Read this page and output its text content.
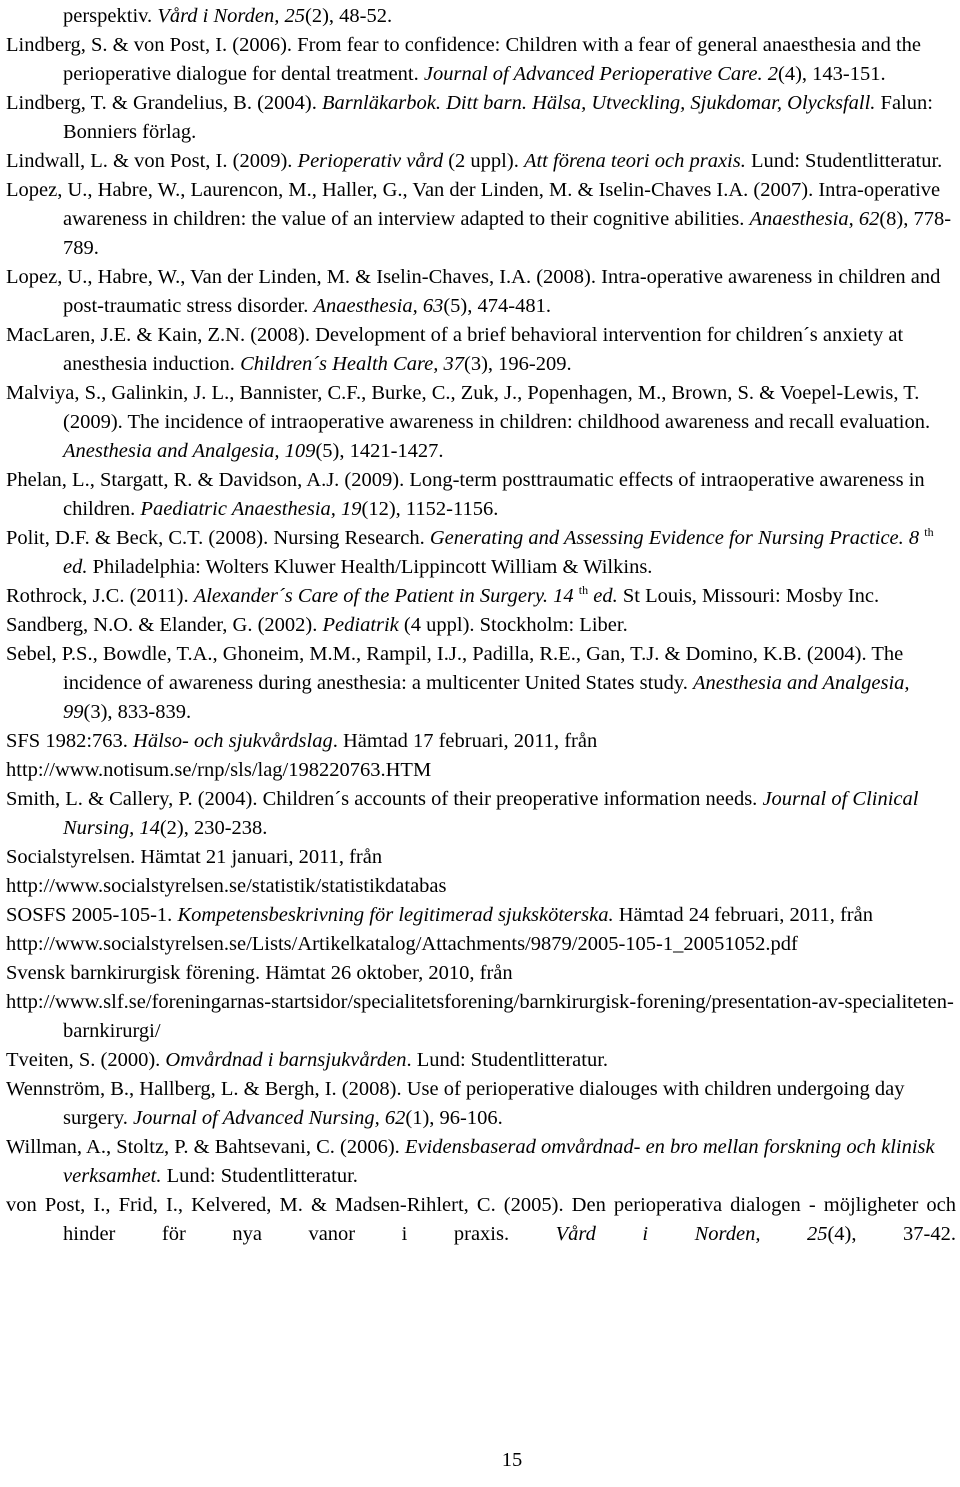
perspektiv. Vård i Norden, 25(2), 48-52.

Lindberg, S. & von Post, I. (2006). From fear to confidence: Children with a fear of general anaesthesia and the perioperative dialogue for dental treatment. Journal of Advanced Perioperative Care. 2(4), 143-151.

Lindberg, T. & Grandelius, B. (2004). Barnläkarbok. Ditt barn. Hälsa, Utveckling, Sjukdomar, Olycksfall. Falun: Bonniers förlag.

Lindwall, L. & von Post, I. (2009). Perioperativ vård (2 uppl). Att förena teori och praxis. Lund: Studentlitteratur.

Lopez, U., Habre, W., Laurencon, M., Haller, G., Van der Linden, M. & Iselin-Chaves I.A. (2007). Intra-operative awareness in children: the value of an interview adapted to their cognitive abilities. Anaesthesia, 62(8), 778-789.

Lopez, U., Habre, W., Van der Linden, M. & Iselin-Chaves, I.A. (2008). Intra-operative awareness in children and post-traumatic stress disorder. Anaesthesia, 63(5), 474-481.

MacLaren, J.E. & Kain, Z.N. (2008). Development of a brief behavioral intervention for children´s anxiety at anesthesia induction. Children´s Health Care, 37(3), 196-209.

Malviya, S., Galinkin, J. L., Bannister, C.F., Burke, C., Zuk, J., Popenhagen, M., Brown, S. & Voepel-Lewis, T. (2009). The incidence of intraoperative awareness in children: childhood awareness and recall evaluation. Anesthesia and Analgesia, 109(5), 1421-1427.

Phelan, L., Stargatt, R. & Davidson, A.J. (2009). Long-term posttraumatic effects of intraoperative awareness in children. Paediatric Anaesthesia, 19(12), 1152-1156.

Polit, D.F. & Beck, C.T. (2008). Nursing Research. Generating and Assessing Evidence for Nursing Practice. 8 $^{th}$ ed. Philadelphia: Wolters Kluwer Health/Lippincott William & Wilkins.

Rothrock, J.C. (2011). Alexander´s Care of the Patient in Surgery. 14 $^{th}$ ed. St Louis, Missouri: Mosby Inc.

Sandberg, N.O. & Elander, G. (2002). Pediatrik (4 uppl). Stockholm: Liber.

Sebel, P.S., Bowdle, T.A., Ghoneim, M.M., Rampil, I.J., Padilla, R.E., Gan, T.J. & Domino, K.B. (2004). The incidence of awareness during anesthesia: a multicenter United States study. Anesthesia and Analgesia, 99(3), 833-839.

SFS 1982:763. Hälso- och sjukvårdslag. Hämtad 17 februari, 2011, från
http://www.notisum.se/rnp/sls/lag/198220763.HTM

Smith, L. & Callery, P. (2004). Children´s accounts of their preoperative information needs. Journal of Clinical Nursing, 14(2), 230-238.

Socialstyrelsen. Hämtat 21 januari, 2011, från
http://www.socialstyrelsen.se/statistik/statistikdatabas

SOSFS 2005-105-1. Kompetensbeskrivning för legitimerad sjuksköterska. Hämtad 24 februari, 2011, från
http://www.socialstyrelsen.se/Lists/Artikelkatalog/Attachments/9879/2005-105-1_20051052.pdf

Svensk barnkirurgisk förening. Hämtat 26 oktober, 2010, från
http://www.slf.se/foreningarnas-startsidor/specialitetsforening/barnkirurgisk-forening/presentation-av-specialiteten-barnkirurgi/

Tveiten, S. (2000). Omvårdnad i barnsjukvården. Lund: Studentlitteratur.

Wennström, B., Hallberg, L. & Bergh, I. (2008). Use of perioperative dialouges with children undergoing day surgery. Journal of Advanced Nursing, 62(1), 96-106.

Willman, A., Stoltz, P. & Bahtsevani, C. (2006). Evidensbaserad omvårdnad- en bro mellan forskning och klinisk verksamhet. Lund: Studentlitteratur.

von Post, I., Frid, I., Kelvered, M. & Madsen-Rihlert, C. (2005). Den perioperativa dialogen - möjligheter och hinder för nya vanor i praxis. Vård i Norden, 25(4), 37-42.

15
